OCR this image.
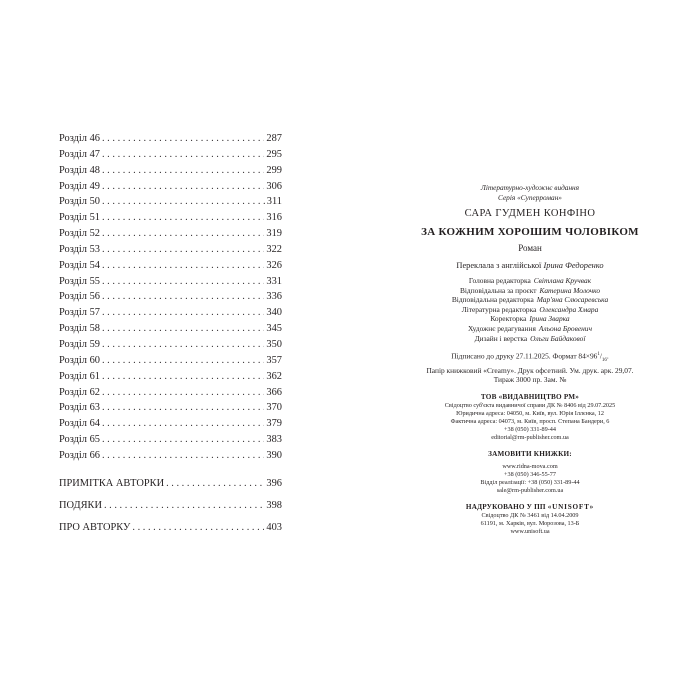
Розділ 46 . . .	287
Розділ 47 . . .	295
Розділ 48 . . .	299
Розділ 49 . . .	306
Розділ 50 . . .	311
Розділ 51 . . .	316
Розділ 52 . . .	319
Розділ 53 . . .	322
Розділ 54 . . .	326
Розділ 55 . . .	331
Розділ 56 . . .	336
Розділ 57 . . .	340
Розділ 58 . . .	345
Розділ 59 . . .	350
Розділ 60 . . .	357
Розділ 61 . . .	362
Розділ 62 . . .	366
Розділ 63 . . .	370
Розділ 64 . . .	379
Розділ 65 . . .	383
Розділ 66 . . .	390
ПРИМІТКА АВТОРКИ . . .	396
ПОДЯКИ . . .	398
ПРО АВТОРКУ . . .	403
Літературно-художнє видання
Серія «Суперроман»
САРА ГУДМЕН КОНФІНО
ЗА КОЖНИМ ХОРОШИМ ЧОЛОВІКОМ
Роман
Переклала з англійської Ірина Федоренко
Головна редакторка Світлана Кручвак
Відповідальна за проєкт Катерина Молочко
Відповідальна редакторка Мар'яна Слюсаревська
Літературна редакторка Олександра Хмара
Коректорка Ірина Зварка
Художнє редагування Альона Бровенич
Дизайн і верстка Ольги Байдакової
Підписано до друку 27.11.2025. Формат $84\times 96^1/_{16}$.
Папір книжковий «Creamy». Друк офсетний. Ум. друк. арк. 29,07.
Тираж 3000 пр. Зам. №
ТОВ «ВИДАВНИЦТВО РМ»
Свідоцтво суб'єкта видавничої справи ДК № 8406 від 29.07.2025
Юридична адреса: 04050, м. Київ, вул. Юрія Іллєнка, 12
Фактична адреса: 04073, м. Київ, просп. Степана Бандери, 6
+38 (050) 331-89-44
editorial@rm-publisher.com.ua
ЗАМОВИТИ КНИЖКИ:
www.ridna-mova.com
+38 (050) 346-55-77
Відділ реалізації: +38 (050) 331-89-44
sale@rm-publisher.com.ua
НАДРУКОВАНО У ПП «UNISOFT»
Свідоцтво ДК № 3461 від 14.04.2009
61191, м. Харків, вул. Морозова, 13-Б
www.unisoft.ua
